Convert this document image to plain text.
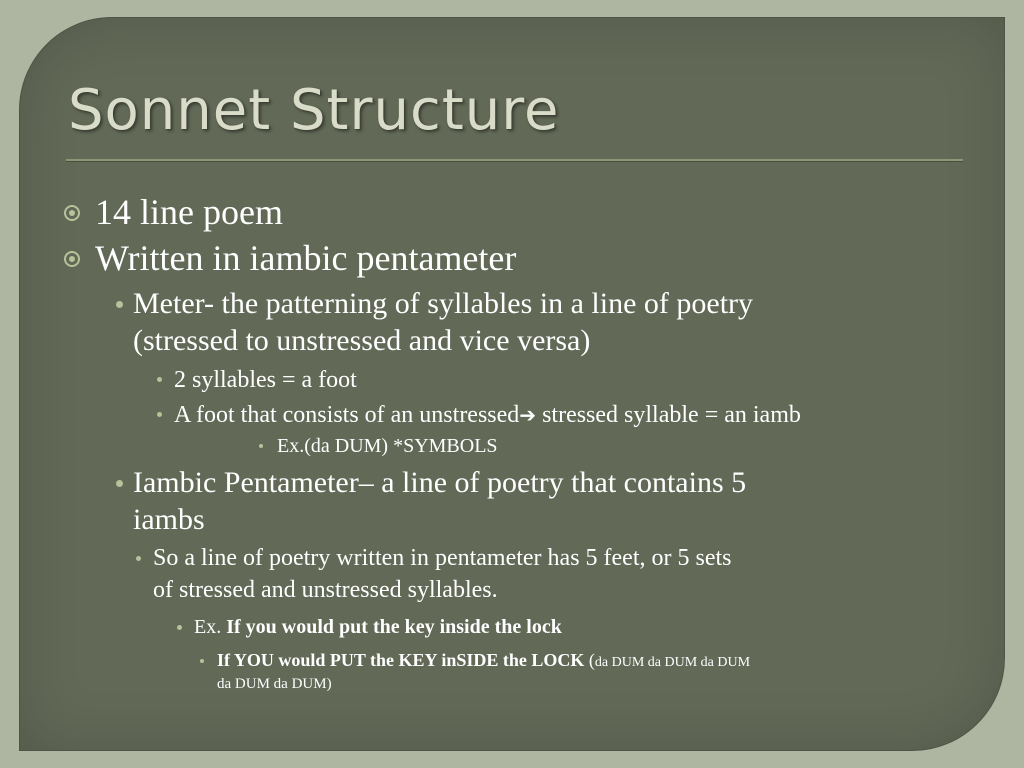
Sonnet Structure

14 line poem

Written in iambic pentameter

Meter- the patterning of syllables in a line of poetry

(stressed to unstressed and vice versa)

2 syllables = a foot

A foot that consists of an unstressed➔ stressed syllable = an iamb

Ex.(da DUM) *SYMBOLS

Iambic Pentameter– a line of poetry that contains 5

iambs

So a line of poetry written in pentameter has 5 feet, or 5 sets

of stressed and unstressed syllables.

Ex. If you would put the key inside the lock

If YOU would PUT the KEY inSIDE the LOCK (da DUM da DUM da DUM

da DUM da DUM)
